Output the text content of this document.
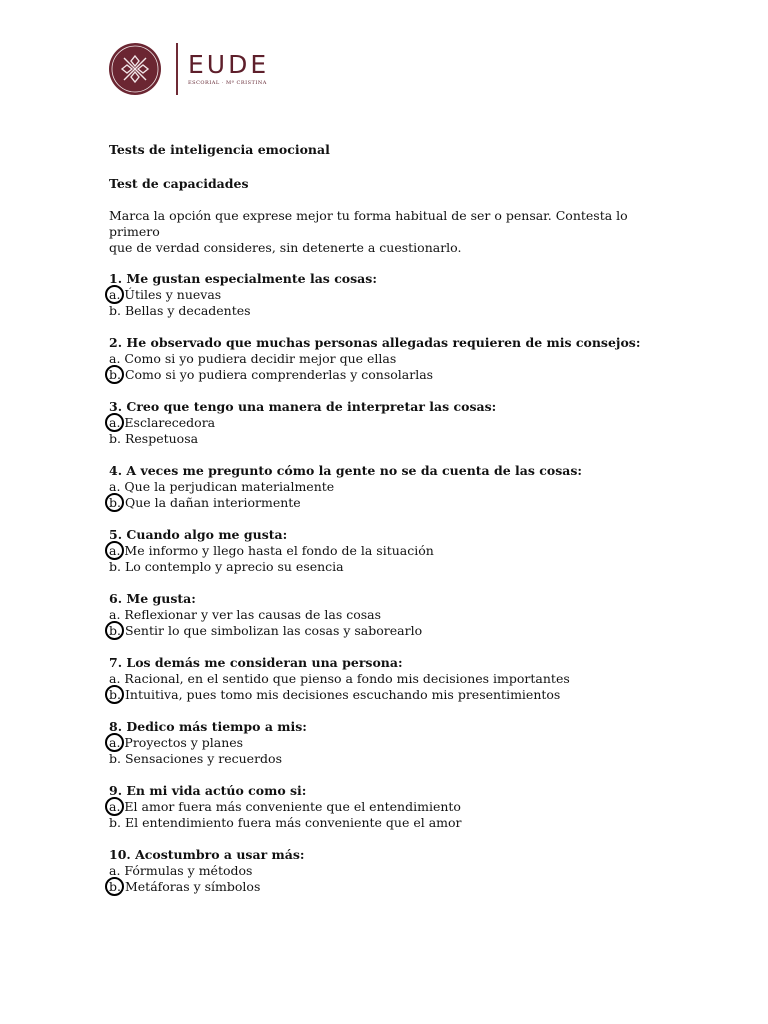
EUDE
ESCORIAL · Mª CRISTINA
Tests de inteligencia emocional
Test de capacidades
Marca la opción que exprese mejor tu forma habitual de ser o pensar. Contesta lo primero
que de verdad consideres, sin detenerte a cuestionarlo.
1. Me gustan especialmente las cosas:
a. Útiles y nuevas
b. Bellas y decadentes
2. He observado que muchas personas allegadas requieren de mis consejos:
a. Como si yo pudiera decidir mejor que ellas
b. Como si yo pudiera comprenderlas y consolarlas
3. Creo que tengo una manera de interpretar las cosas:
a. Esclarecedora
b. Respetuosa
4. A veces me pregunto cómo la gente no se da cuenta de las cosas:
a. Que la perjudican materialmente
b. Que la dañan interiormente
5. Cuando algo me gusta:
a. Me informo y llego hasta el fondo de la situación
b. Lo contemplo y aprecio su esencia
6. Me gusta:
a. Reflexionar y ver las causas de las cosas
b. Sentir lo que simbolizan las cosas y saborearlo
7. Los demás me consideran una persona:
a. Racional, en el sentido que pienso a fondo mis decisiones importantes
b. Intuitiva, pues tomo mis decisiones escuchando mis presentimientos
8. Dedico más tiempo a mis:
a. Proyectos y planes
b. Sensaciones y recuerdos
9. En mi vida actúo como si:
a. El amor fuera más conveniente que el entendimiento
b. El entendimiento fuera más conveniente que el amor
10. Acostumbro a usar más:
a. Fórmulas y métodos
b. Metáforas y símbolos
